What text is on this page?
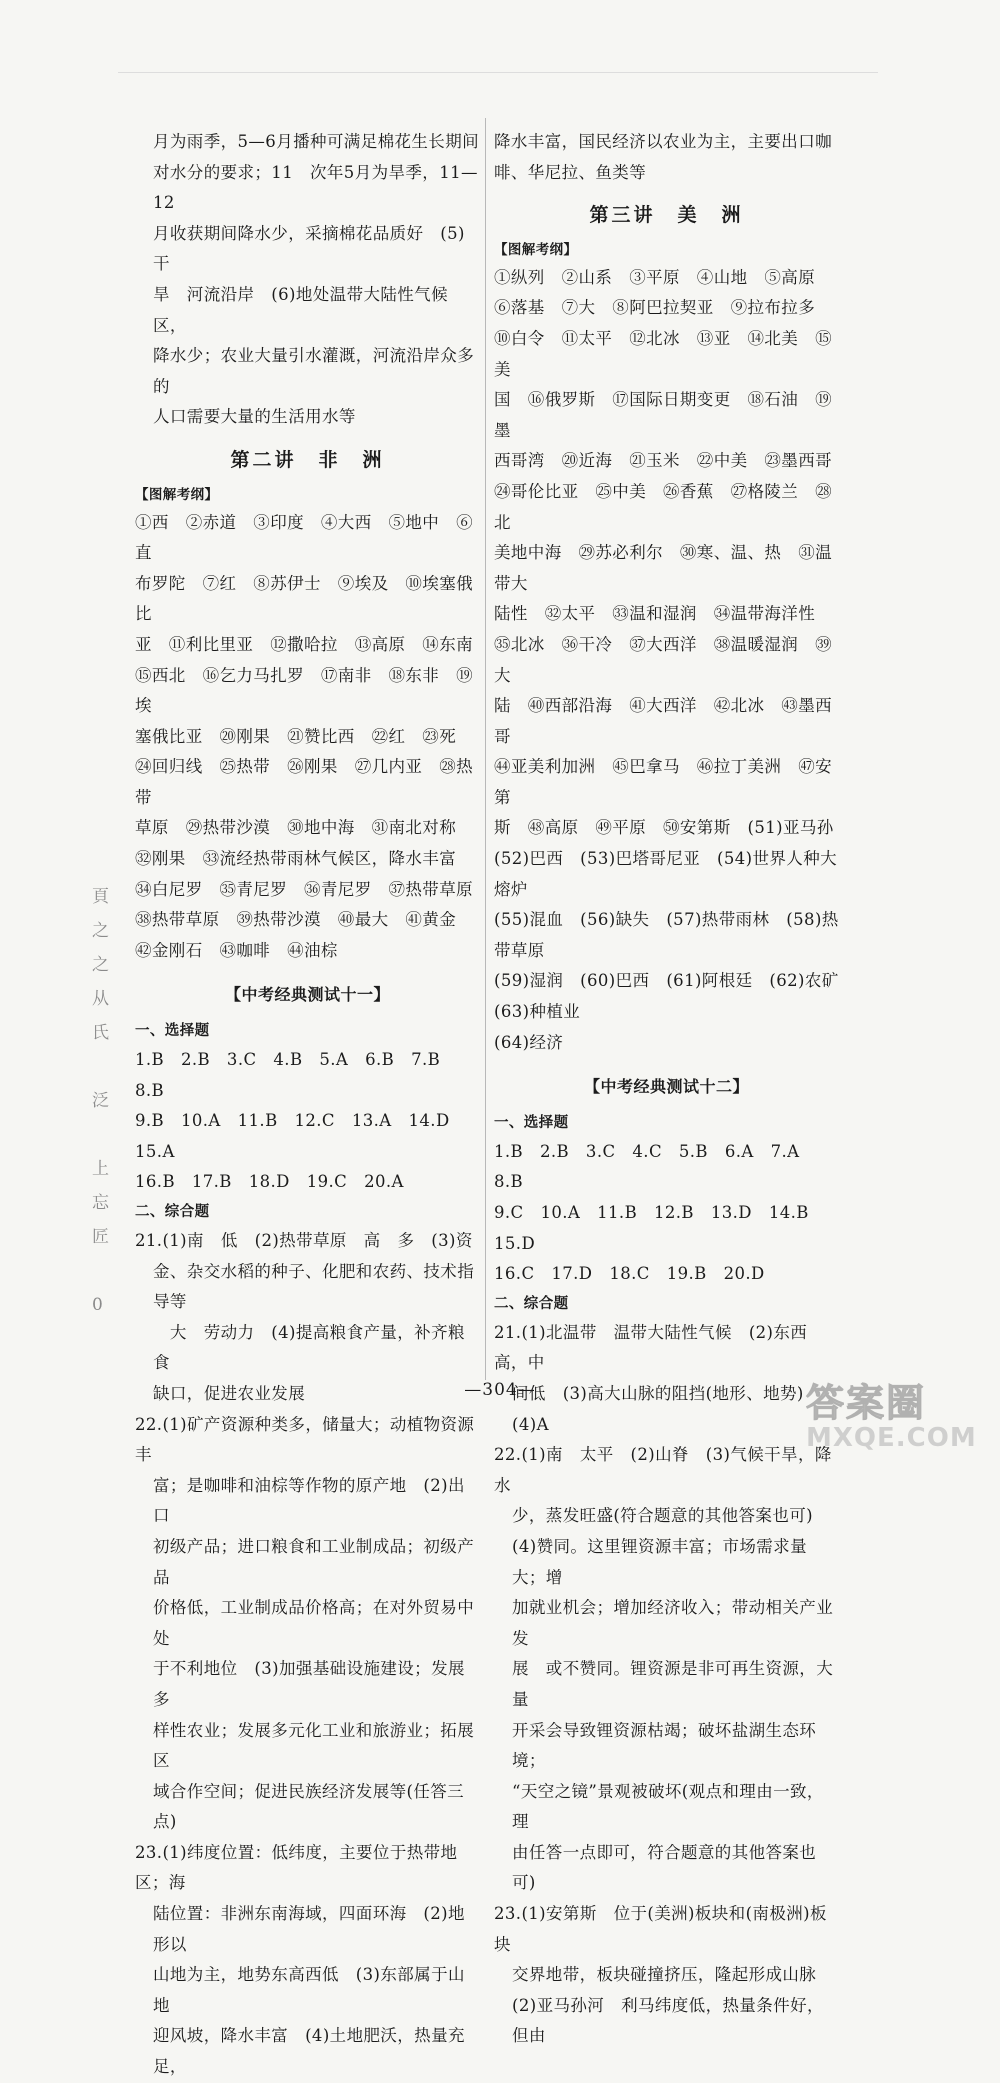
頁
之
之
从
氏

泛

上
忘
匠

0

月为雨季，5—6月播种可满足棉花生长期间

对水分的要求；11　次年5月为旱季，11—12

月收获期间降水少，采摘棉花品质好　(5)干

旱　河流沿岸　(6)地处温带大陆性气候区，

降水少；农业大量引水灌溉，河流沿岸众多的

人口需要大量的生活用水等

第二讲　非　洲
【图解考纲】

①西　②赤道　③印度　④大西　⑤地中　⑥直

布罗陀　⑦红　⑧苏伊士　⑨埃及　⑩埃塞俄比

亚　⑪利比里亚　⑫撒哈拉　⑬高原　⑭东南

⑮西北　⑯乞力马扎罗　⑰南非　⑱东非　⑲埃

塞俄比亚　⑳刚果　㉑赞比西　㉒红　㉓死

㉔回归线　㉕热带　㉖刚果　㉗几内亚　㉘热带

草原　㉙热带沙漠　㉚地中海　㉛南北对称

㉜刚果　㉝流经热带雨林气候区，降水丰富

㉞白尼罗　㉟青尼罗　㊱青尼罗　㊲热带草原

㊳热带草原　㊴热带沙漠　㊵最大　㊶黄金

㊷金刚石　㊸咖啡　㊹油棕

【中考经典测试十一】
一、选择题

1.B　2.B　3.C　4.B　5.A　6.B　7.B　8.B

9.B　10.A　11.B　12.C　13.A　14.D　15.A

16.B　17.B　18.D　19.C　20.A

二、综合题

21.(1)南　低　(2)热带草原　高　多　(3)资

金、杂交水稻的种子、化肥和农药、技术指导等

　大　劳动力　(4)提高粮食产量，补齐粮食

缺口，促进农业发展

22.(1)矿产资源种类多，储量大；动植物资源丰

富；是咖啡和油棕等作物的原产地　(2)出口

初级产品；进口粮食和工业制成品；初级产品

价格低，工业制成品价格高；在对外贸易中处

于不利地位　(3)加强基础设施建设；发展多

样性农业；发展多元化工业和旅游业；拓展区

域合作空间；促进民族经济发展等(任答三点)

23.(1)纬度位置：低纬度，主要位于热带地区；海

陆位置：非洲东南海域，四面环海　(2)地形以

山地为主，地势东高西低　(3)东部属于山地

迎风坡，降水丰富　(4)土地肥沃，热量充足，

降水丰富，国民经济以农业为主，主要出口咖

啡、华尼拉、鱼类等

第三讲　美　洲
【图解考纲】

①纵列　②山系　③平原　④山地　⑤高原

⑥落基　⑦大　⑧阿巴拉契亚　⑨拉布拉多

⑩白令　⑪太平　⑫北冰　⑬亚　⑭北美　⑮美

国　⑯俄罗斯　⑰国际日期变更　⑱石油　⑲墨

西哥湾　⑳近海　㉑玉米　㉒中美　㉓墨西哥

㉔哥伦比亚　㉕中美　㉖香蕉　㉗格陵兰　㉘北

美地中海　㉙苏必利尔　㉚寒、温、热　㉛温带大

陆性　㉜太平　㉝温和湿润　㉞温带海洋性

㉟北冰　㊱干冷　㊲大西洋　㊳温暖湿润　㊴大

陆　㊵西部沿海　㊶大西洋　㊷北冰　㊸墨西哥

㊹亚美利加洲　㊺巴拿马　㊻拉丁美洲　㊼安第

斯　㊽高原　㊾平原　㊿安第斯　(51)亚马孙

(52)巴西　(53)巴塔哥尼亚　(54)世界人种大熔炉

(55)混血　(56)缺失　(57)热带雨林　(58)热带草原

(59)湿润　(60)巴西　(61)阿根廷　(62)农矿　(63)种植业

(64)经济

【中考经典测试十二】
一、选择题

1.B　2.B　3.C　4.C　5.B　6.A　7.A　8.B

9.C　10.A　11.B　12.B　13.D　14.B　15.D

16.C　17.D　18.C　19.B　20.D

二、综合题

21.(1)北温带　温带大陆性气候　(2)东西高，中

间低　(3)高大山脉的阻挡(地形、地势)

(4)A

22.(1)南　太平　(2)山脊　(3)气候干旱，降水

少，蒸发旺盛(符合题意的其他答案也可)

(4)赞同。这里锂资源丰富；市场需求量大；增

加就业机会；增加经济收入；带动相关产业发

展　或不赞同。锂资源是非可再生资源，大量

开采会导致锂资源枯竭；破坏盐湖生态环境；

“天空之镜”景观被破坏(观点和理由一致，理

由任答一点即可，符合题意的其他答案也可)

23.(1)安第斯　位于(美洲)板块和(南极洲)板块

交界地带，板块碰撞挤压，隆起形成山脉

(2)亚马孙河　利马纬度低，热量条件好，但由

—304—	答案圈
MXQE.COM
